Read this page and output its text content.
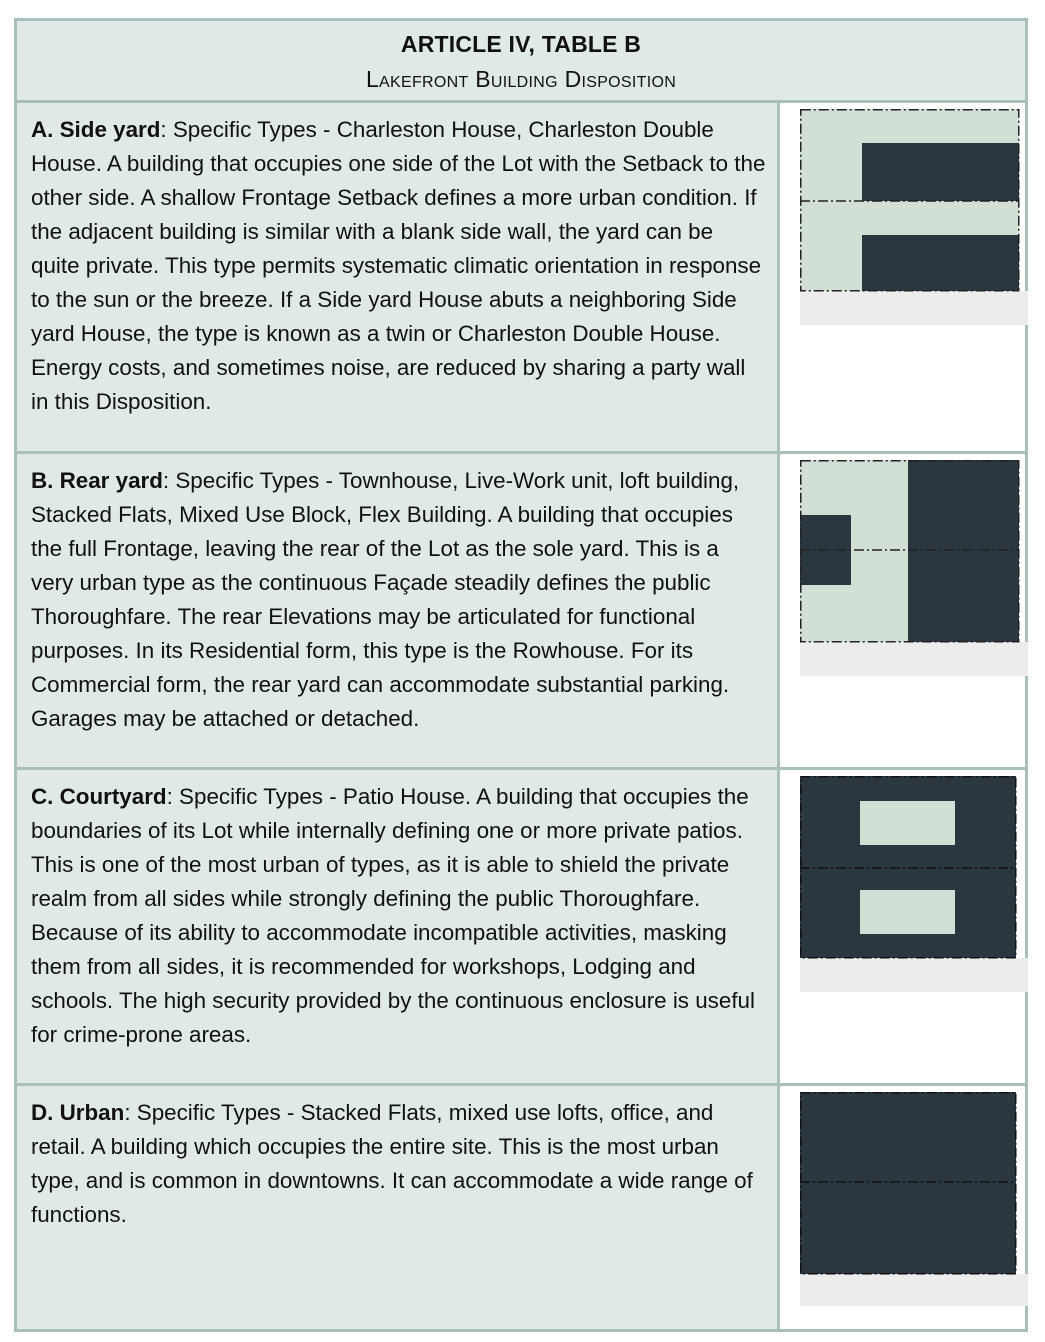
ARTICLE IV, TABLE B
Lakefront Building Disposition
A. Side yard: Specific Types - Charleston House, Charleston Double House. A building that occupies one side of the Lot with the Setback to the other side. A shallow Frontage Setback defines a more urban condition. If the adjacent building is similar with a blank side wall, the yard can be quite private. This type permits systematic climatic orientation in response to the sun or the breeze. If a Side yard House abuts a neighboring Side yard House, the type is known as a twin or Charleston Double House. Energy costs, and sometimes noise, are reduced by sharing a party wall in this Disposition.
B. Rear yard: Specific Types - Townhouse, Live-Work unit, loft building, Stacked Flats, Mixed Use Block, Flex Building. A building that occupies the full Frontage, leaving the rear of the Lot as the sole yard. This is a very urban type as the continuous Façade steadily defines the public Thoroughfare. The rear Elevations may be articulated for functional purposes. In its Residential form, this type is the Rowhouse. For its Commercial form, the rear yard can accommodate substantial parking. Garages may be attached or detached.
C. Courtyard: Specific Types - Patio House. A building that occupies the boundaries of its Lot while internally defining one or more private patios. This is one of the most urban of types, as it is able to shield the private realm from all sides while strongly defining the public Thoroughfare. Because of its ability to accommodate incompatible activities, masking them from all sides, it is recommended for workshops, Lodging and schools. The high security provided by the continuous enclosure is useful for crime-prone areas.
D. Urban: Specific Types - Stacked Flats, mixed use lofts, office, and retail. A building which occupies the entire site. This is the most urban type, and is common in downtowns. It can accommodate a wide range of functions.
